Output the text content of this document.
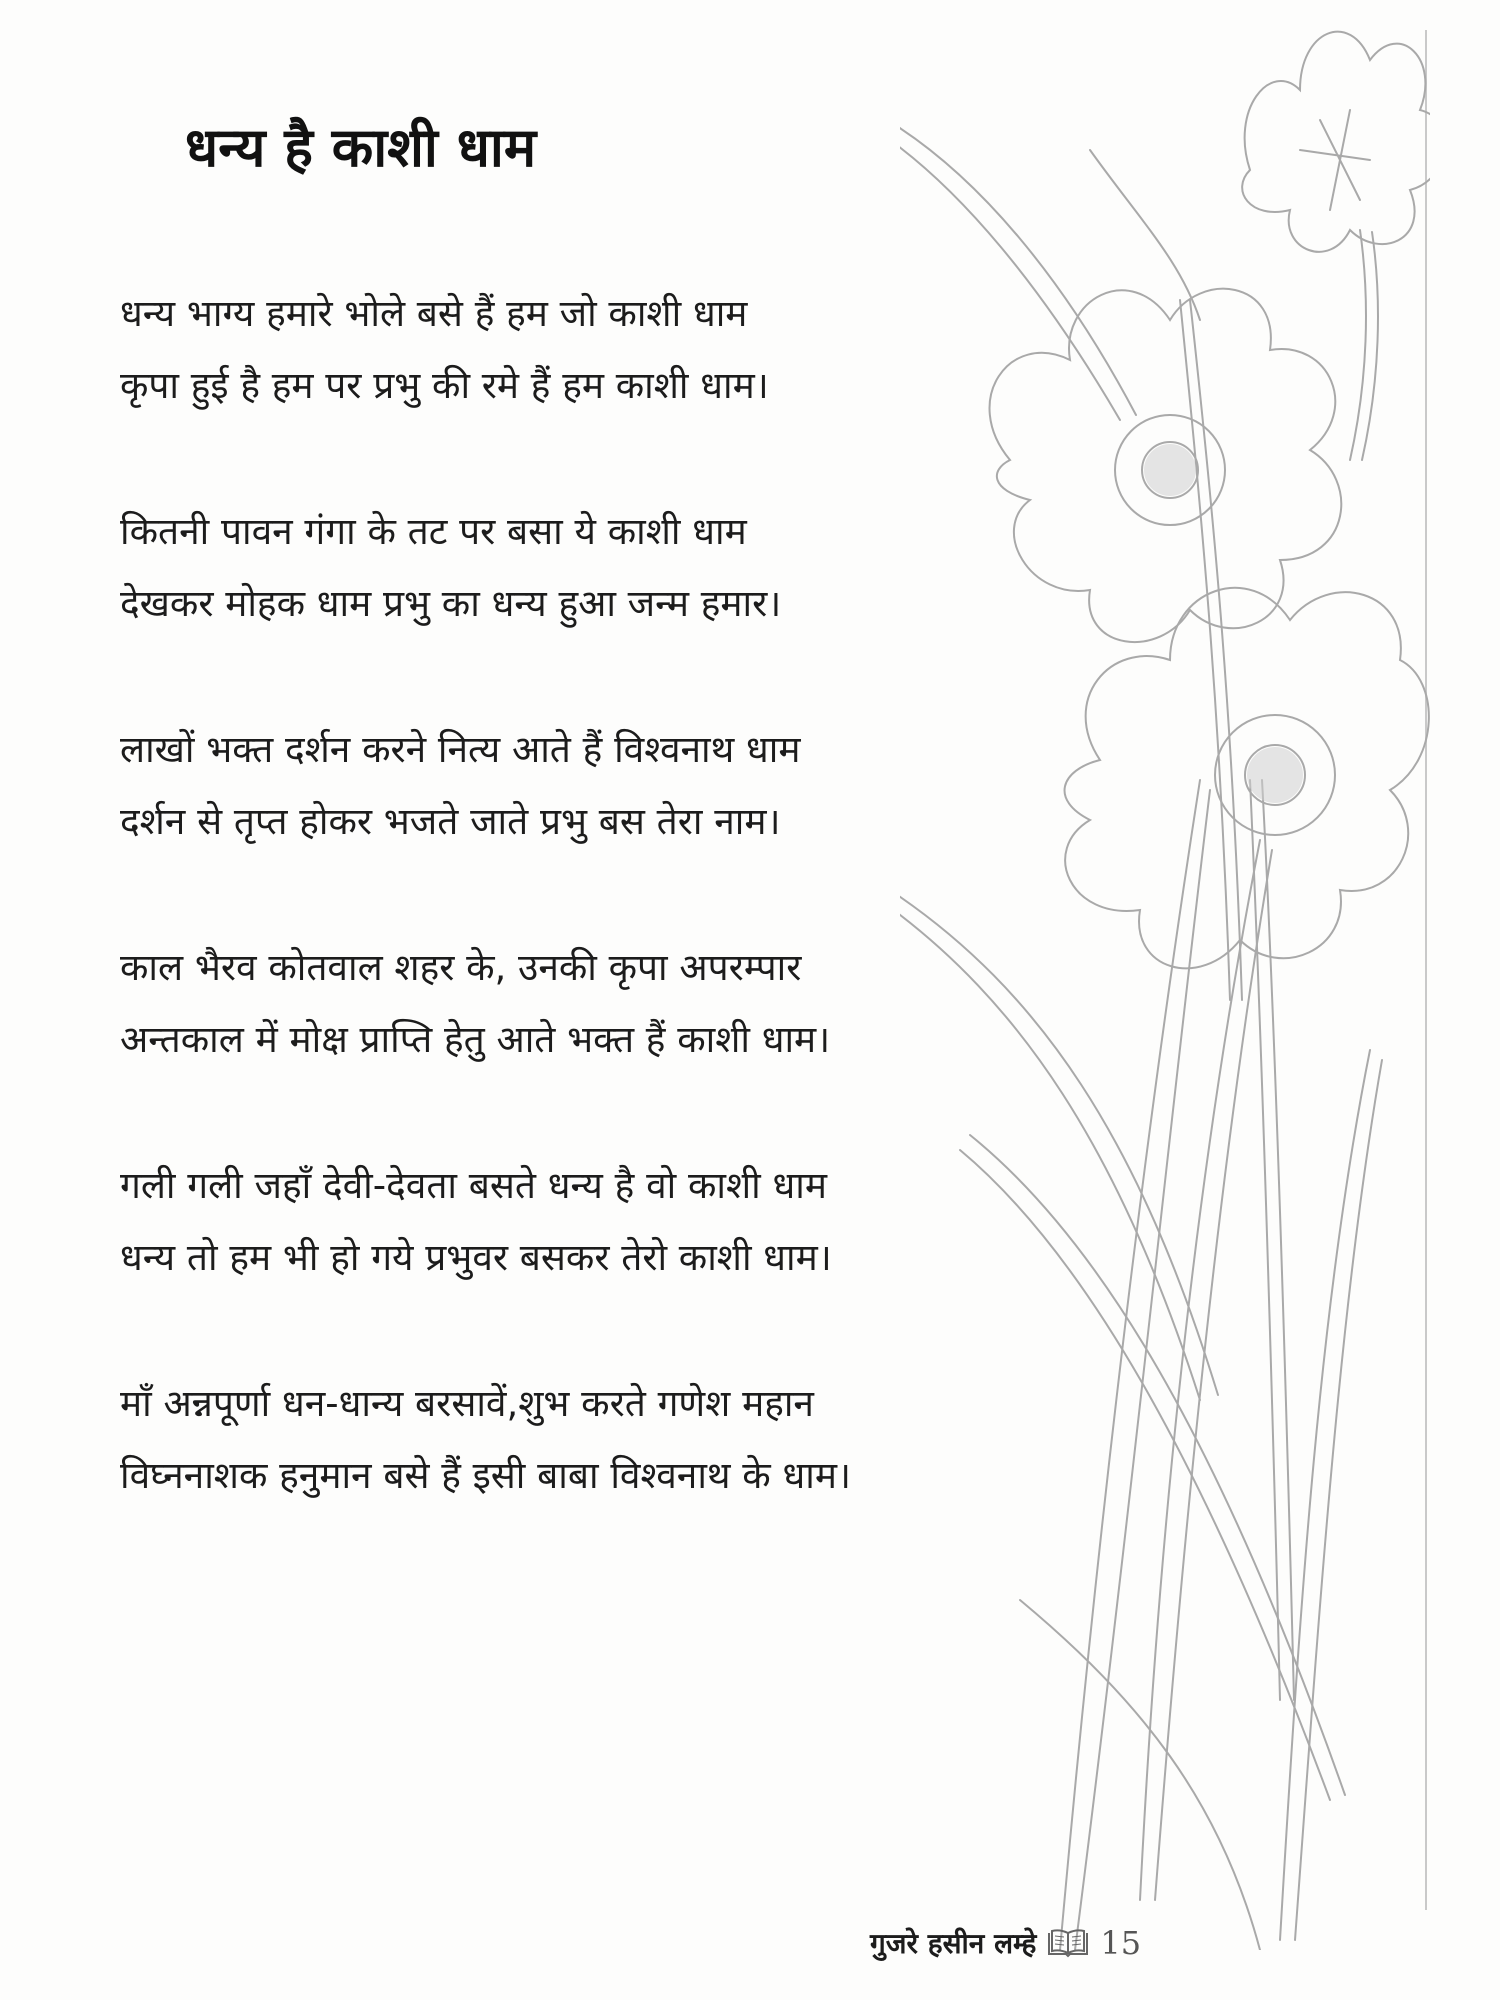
धन्य है काशी धाम
धन्य भाग्य हमारे भोले बसे हैं हम जो काशी धाम
कृपा हुई है हम पर प्रभु की रमे हैं हम काशी धाम।
कितनी पावन गंगा के तट पर बसा ये काशी धाम
देखकर मोहक धाम प्रभु का धन्य हुआ जन्म हमार।
लाखों भक्त दर्शन करने नित्य आते हैं विश्वनाथ धाम
दर्शन से तृप्त होकर भजते जाते प्रभु बस तेरा नाम।
काल भैरव कोतवाल शहर के, उनकी कृपा अपरम्पार
अन्तकाल में मोक्ष प्राप्ति हेतु आते भक्त हैं काशी धाम।
गली गली जहाँ देवी-देवता बसते धन्य है वो काशी धाम
धन्य तो हम भी हो गये प्रभुवर बसकर तेरो काशी धाम।
माँ अन्नपूर्णा धन-धान्य बरसावें,शुभ करते गणेश महान
विघ्ननाशक हनुमान बसे हैं इसी बाबा विश्वनाथ के धाम।
गुजरे हसीन लम्हे 15
